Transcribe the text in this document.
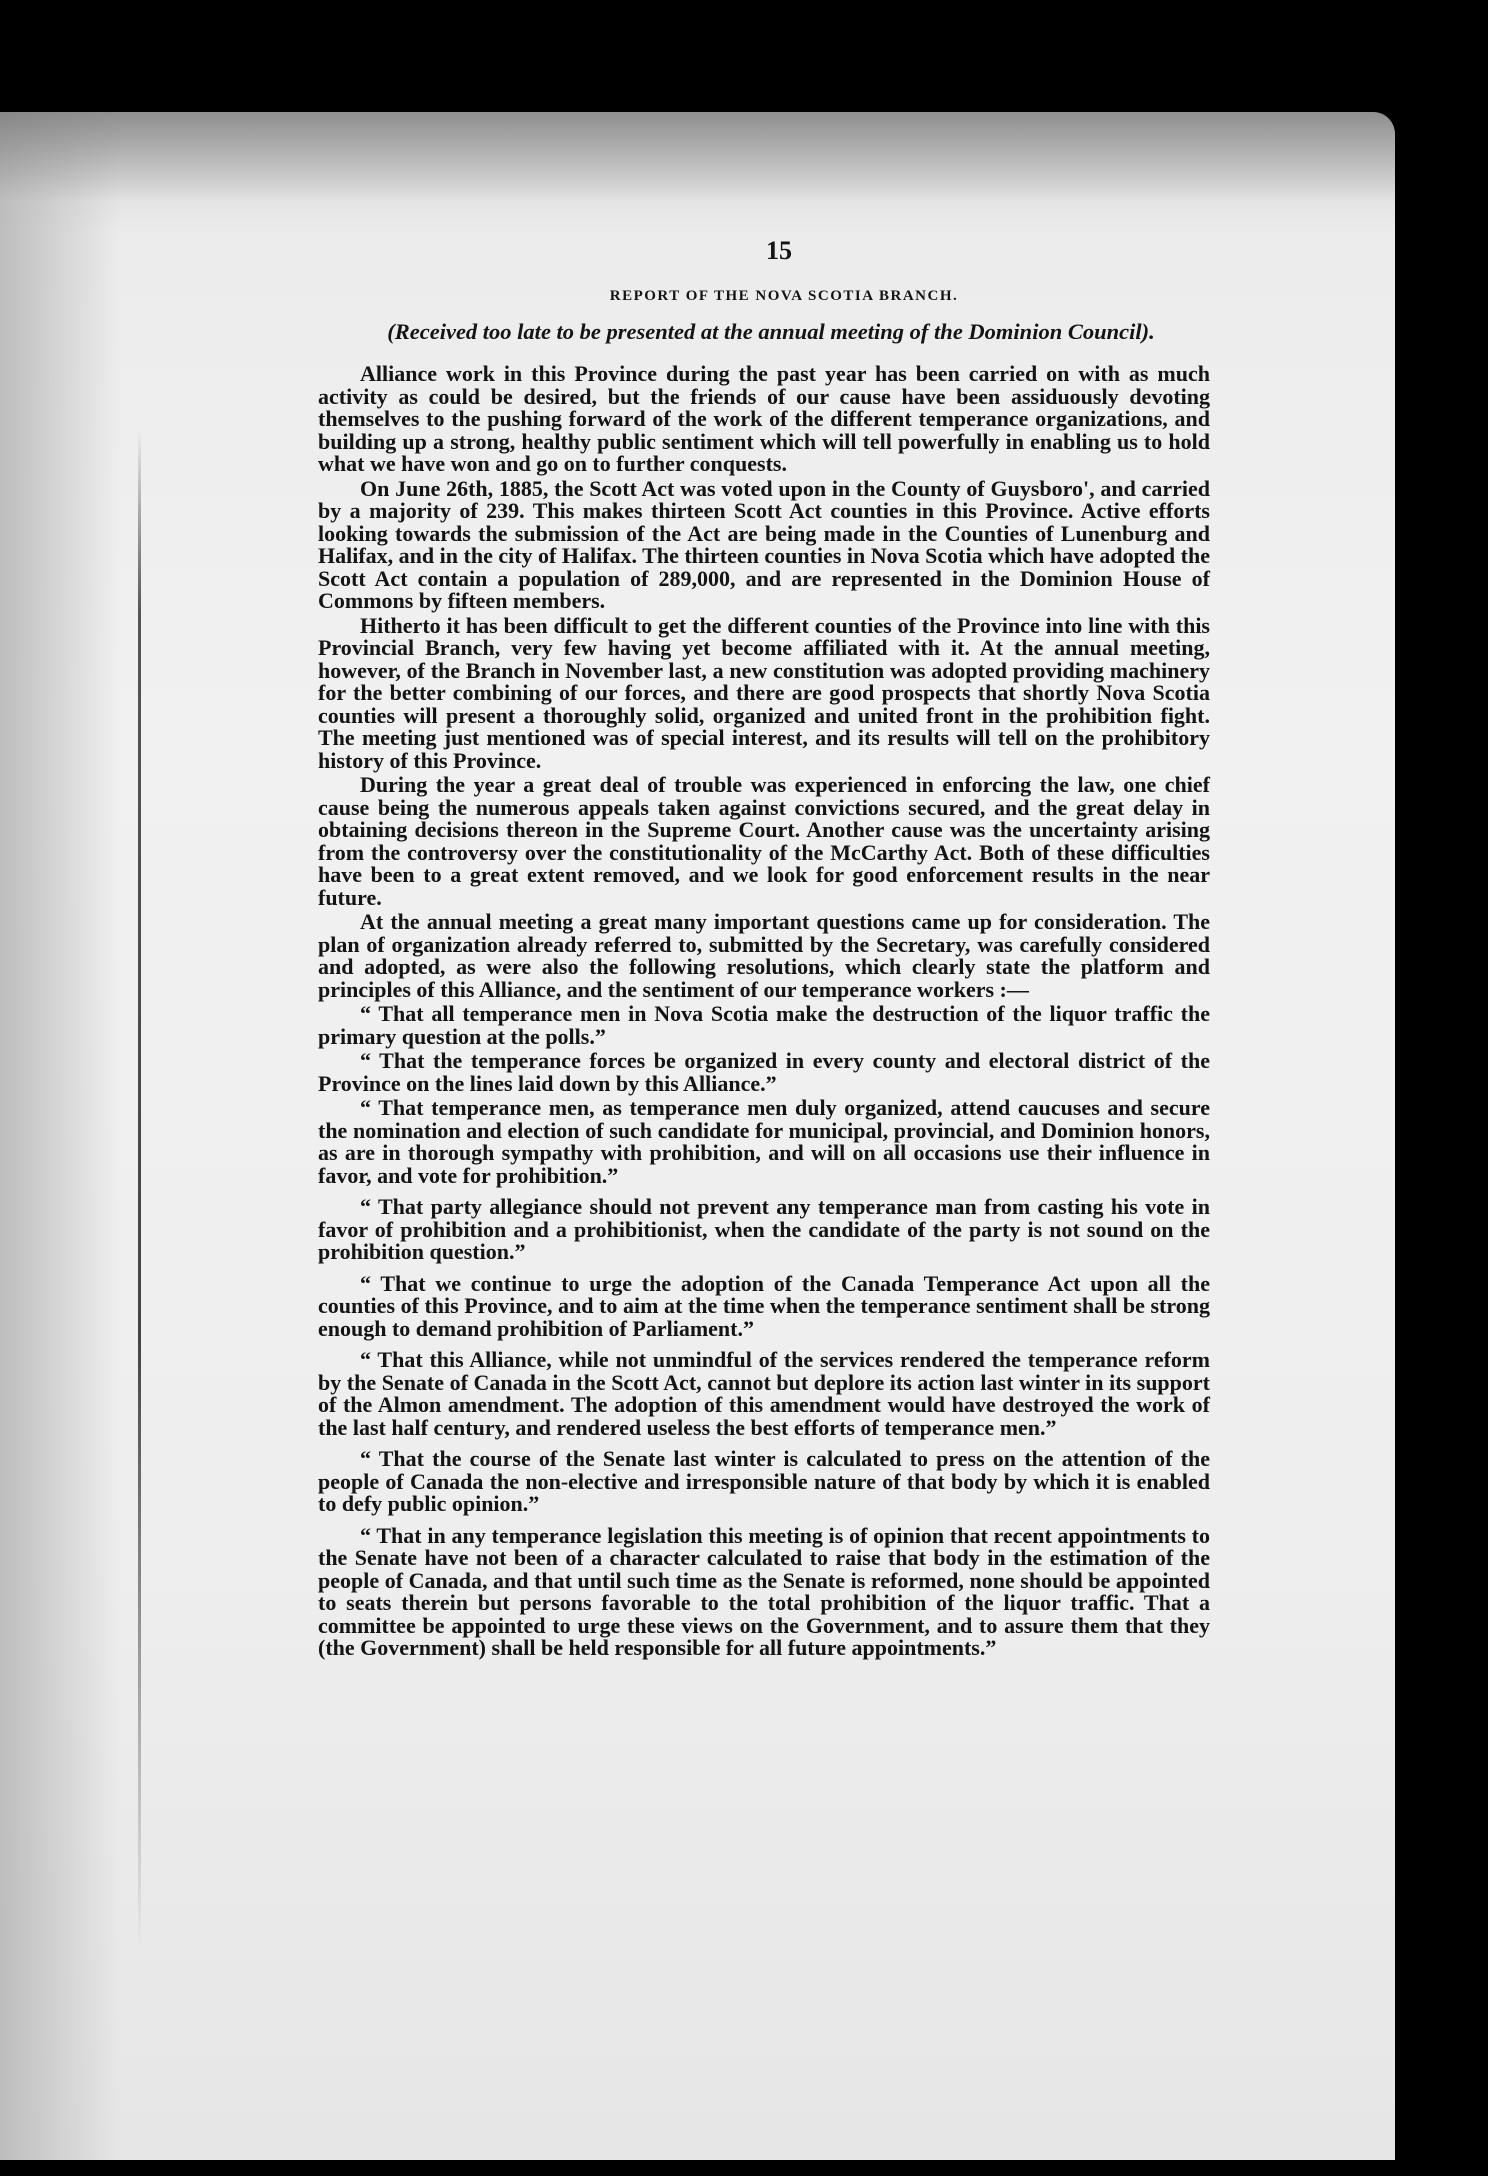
15
REPORT OF THE NOVA SCOTIA BRANCH.
(Received too late to be presented at the annual meeting of the Dominion Council).

Alliance work in this Province during the past year has been carried on with as much activity as could be desired, but the friends of our cause have been assiduously devoting themselves to the pushing forward of the work of the different temperance organizations, and building up a strong, healthy public sentiment which will tell powerfully in enabling us to hold what we have won and go on to further conquests.

On June 26th, 1885, the Scott Act was voted upon in the County of Guysboro', and carried by a majority of 239. This makes thirteen Scott Act counties in this Province. Active efforts looking towards the submission of the Act are being made in the Counties of Lunenburg and Halifax, and in the city of Halifax. The thirteen counties in Nova Scotia which have adopted the Scott Act contain a population of 289,000, and are represented in the Dominion House of Commons by fifteen members.

Hitherto it has been difficult to get the different counties of the Province into line with this Provincial Branch, very few having yet become affiliated with it. At the annual meeting, however, of the Branch in November last, a new constitution was adopted providing machinery for the better combining of our forces, and there are good prospects that shortly Nova Scotia counties will present a thoroughly solid, organized and united front in the prohibition fight. The meeting just mentioned was of special interest, and its results will tell on the prohibitory history of this Province.

During the year a great deal of trouble was experienced in enforcing the law, one chief cause being the numerous appeals taken against convictions secured, and the great delay in obtaining decisions thereon in the Supreme Court. Another cause was the uncertainty arising from the controversy over the constitutionality of the McCarthy Act. Both of these difficulties have been to a great extent removed, and we look for good enforcement results in the near future.

At the annual meeting a great many important questions came up for consideration. The plan of organization already referred to, submitted by the Secretary, was carefully considered and adopted, as were also the following resolutions, which clearly state the platform and principles of this Alliance, and the sentiment of our temperance workers :—

“ That all temperance men in Nova Scotia make the destruction of the liquor traffic the primary question at the polls.”

“ That the temperance forces be organized in every county and electoral district of the Province on the lines laid down by this Alliance.”

“ That temperance men, as temperance men duly organized, attend caucuses and secure the nomination and election of such candidate for municipal, provincial, and Dominion honors, as are in thorough sympathy with prohibition, and will on all occasions use their influence in favor, and vote for prohibition.”

“ That party allegiance should not prevent any temperance man from casting his vote in favor of prohibition and a prohibitionist, when the candidate of the party is not sound on the prohibition question.”

“ That we continue to urge the adoption of the Canada Temperance Act upon all the counties of this Province, and to aim at the time when the temperance sentiment shall be strong enough to demand prohibition of Parliament.”

“ That this Alliance, while not unmindful of the services rendered the temperance reform by the Senate of Canada in the Scott Act, cannot but deplore its action last winter in its support of the Almon amendment. The adoption of this amendment would have destroyed the work of the last half century, and rendered useless the best efforts of temperance men.”

“ That the course of the Senate last winter is calculated to press on the attention of the people of Canada the non-elective and irresponsible nature of that body by which it is enabled to defy public opinion.”

“ That in any temperance legislation this meeting is of opinion that recent appointments to the Senate have not been of a character calculated to raise that body in the estimation of the people of Canada, and that until such time as the Senate is reformed, none should be appointed to seats therein but persons favorable to the total prohibition of the liquor traffic. That a committee be appointed to urge these views on the Government, and to assure them that they (the Government) shall be held responsible for all future appointments.”
